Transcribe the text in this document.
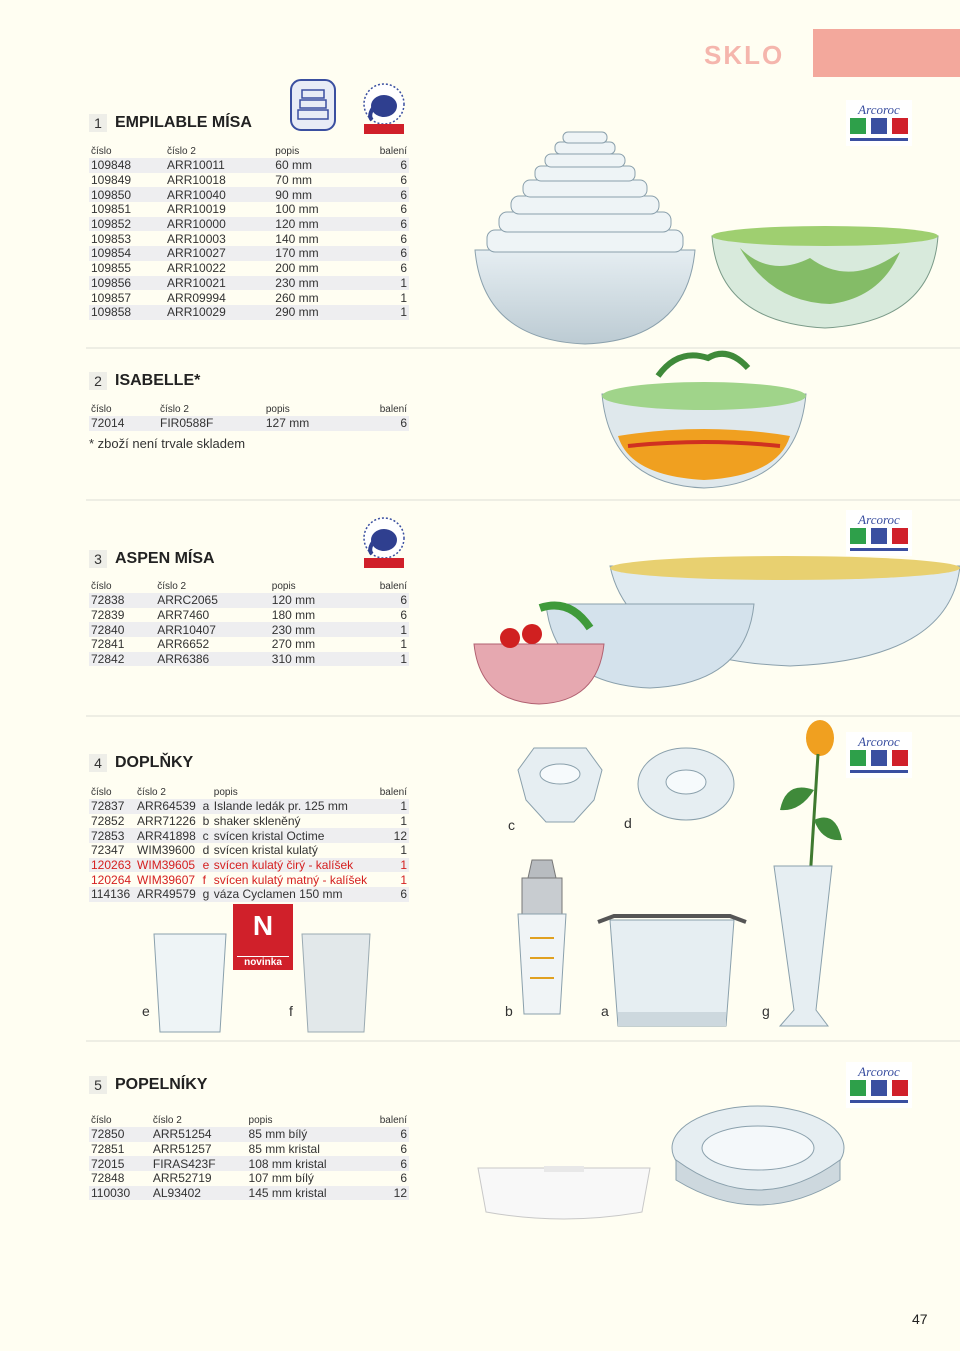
SKLO
1 EMPILABLE MÍSA
číslo	číslo 2	popis	balení
109848	ARR10011	60 mm	6
109849	ARR10018	70 mm	6
109850	ARR10040	90 mm	6
109851	ARR10019	100 mm	6
109852	ARR10000	120 mm	6
109853	ARR10003	140 mm	6
109854	ARR10027	170 mm	6
109855	ARR10022	200 mm	6
109856	ARR10021	230 mm	1
109857	ARR09994	260 mm	1
109858	ARR10029	290 mm	1
Arcoroc
2 ISABELLE*
číslo	číslo 2	popis	balení
72014	FIR0588F	127 mm	6
* zboží není trvale skladem
3 ASPEN MÍSA
číslo	číslo 2	popis	balení
72838	ARRC2065	120 mm	6
72839	ARR7460	180 mm	6
72840	ARR10407	230 mm	1
72841	ARR6652	270 mm	1
72842	ARR6386	310 mm	1
Arcoroc
4 DOPLŇKY
číslo	číslo 2		popis	balení
72837	ARR64539	a	Islande ledák pr. 125 mm	1
72852	ARR71226	b	shaker skleněný	1
72853	ARR41898	c	svícen kristal Octime	12
72347	WIM39600	d	svícen kristal kulatý	1
120263	WIM39605	e	svícen kulatý čirý - kalíšek	1
120264	WIM39607	f	svícen kulatý matný - kalíšek	1
114136	ARR49579	g	váza Cyclamen 150 mm	6
Arcoroc
c	d
N
novinka
e	f	b	a	g
5 POPELNÍKY
číslo	číslo 2	popis	balení
72850	ARR51254	85 mm bílý	6
72851	ARR51257	85 mm kristal	6
72015	FIRAS423F	108 mm kristal	6
72848	ARR52719	107 mm bílý	6
110030	AL93402	145 mm kristal	12
Arcoroc
47
